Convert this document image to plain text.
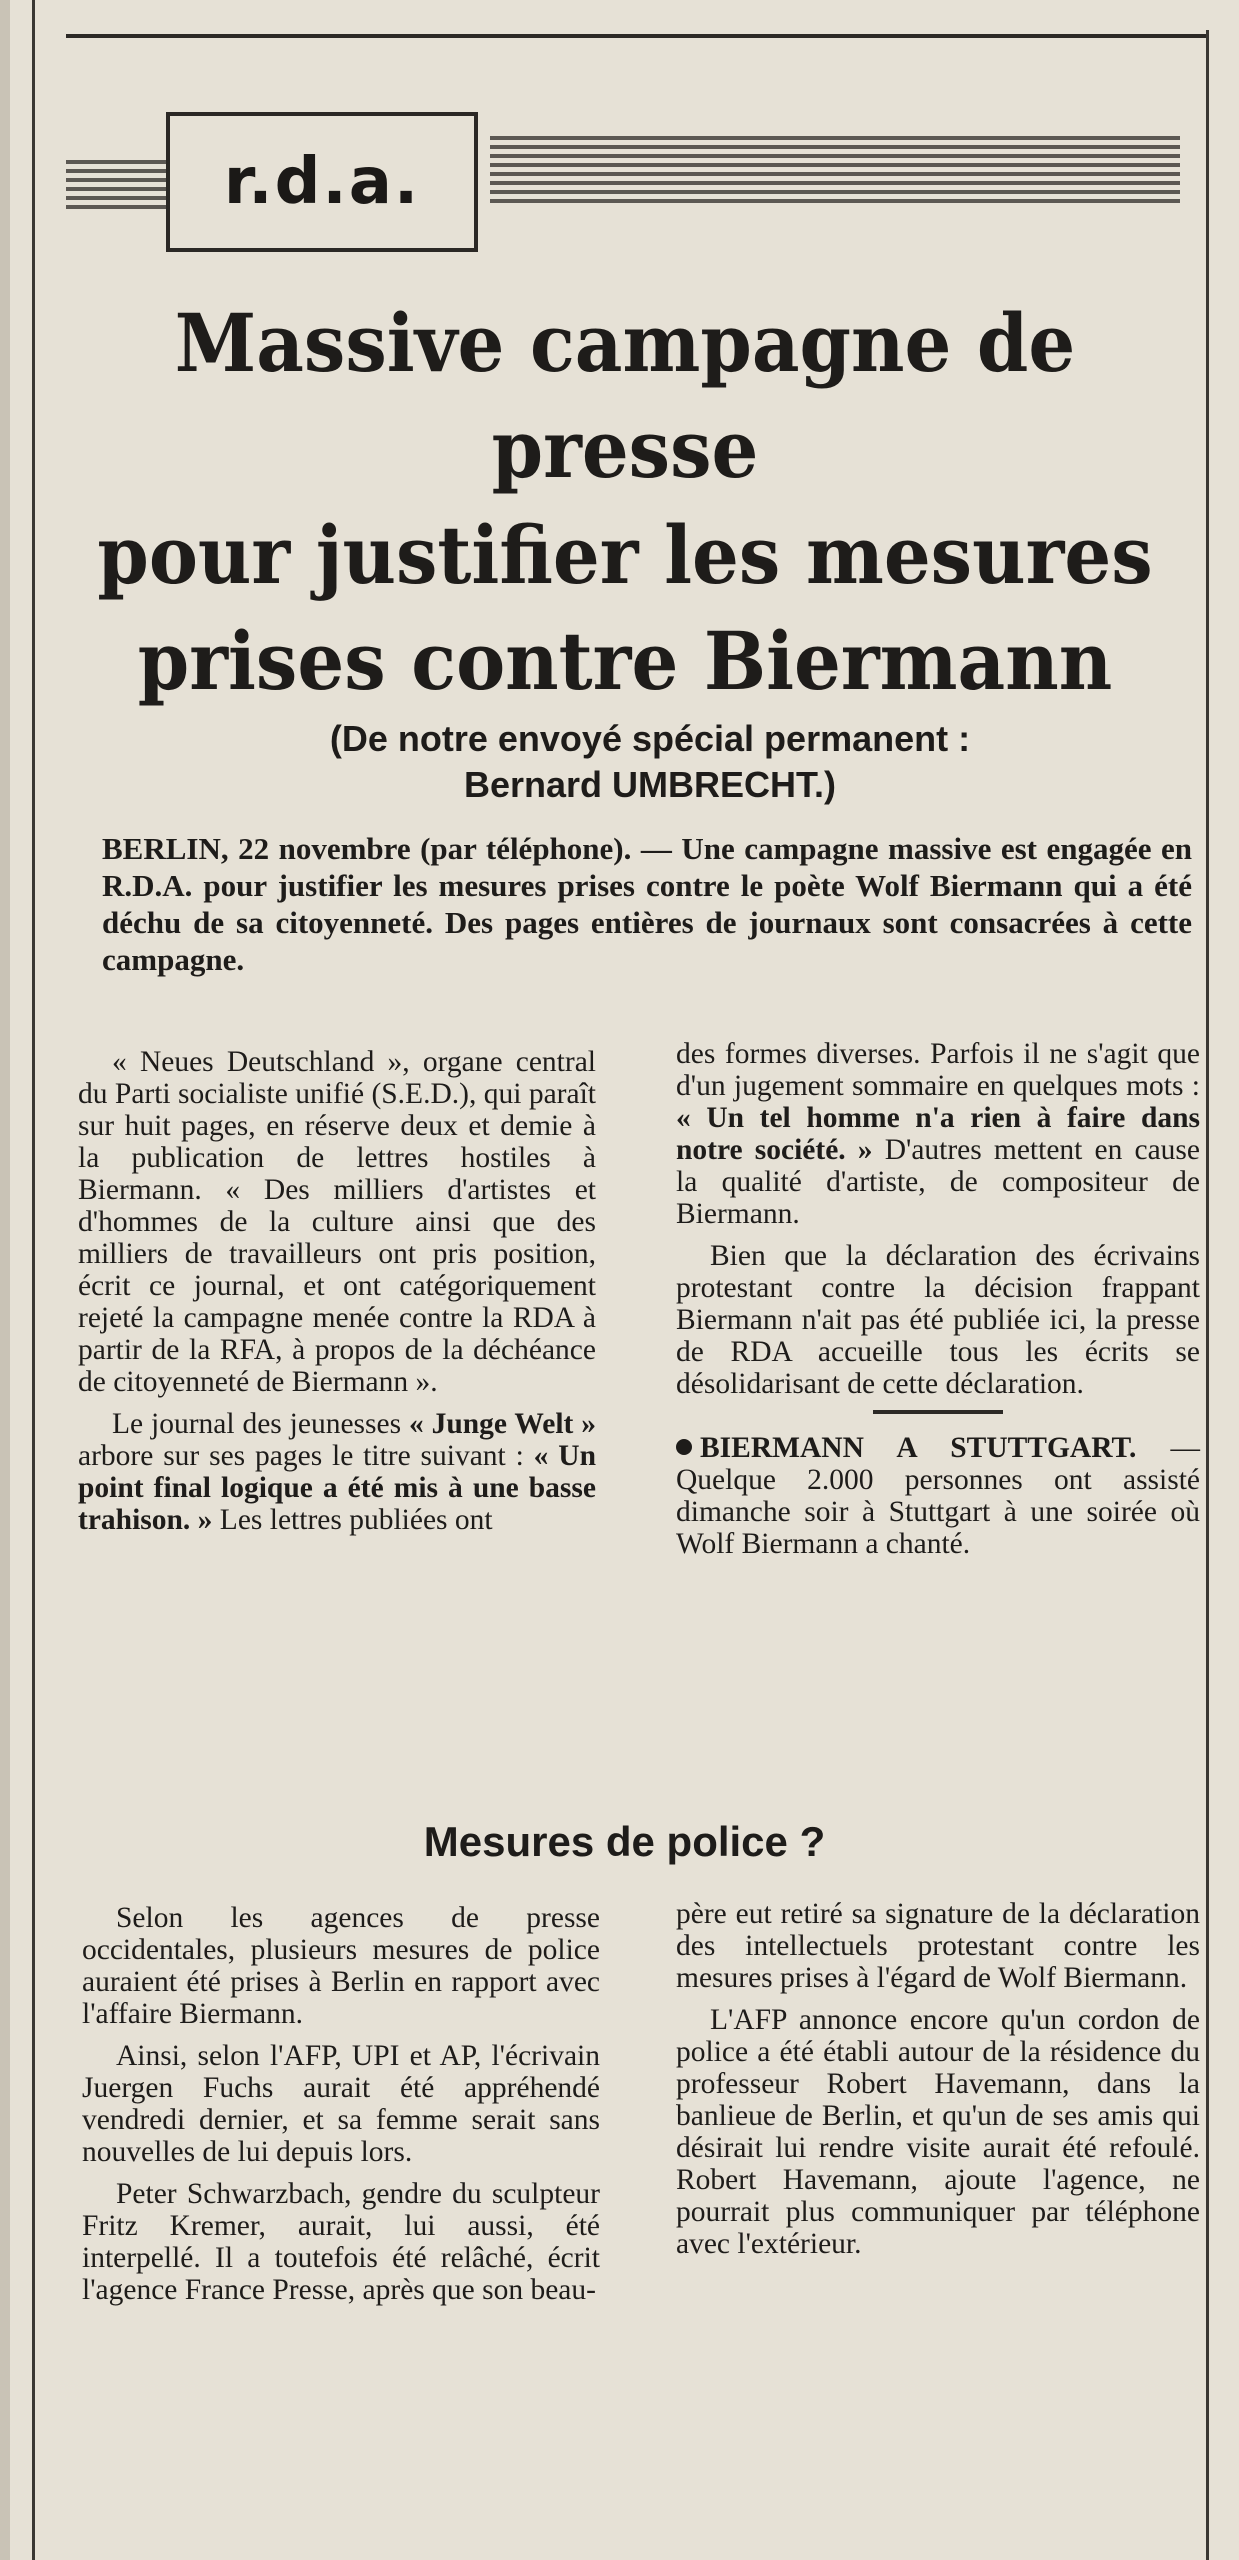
r.d.a.
Massive campagne de presse
pour justifier les mesures
prises contre Biermann
(De notre envoyé spécial permanent :
Bernard UMBRECHT.)
BERLIN, 22 novembre (par téléphone). — Une campagne massive est engagée en R.D.A. pour justifier les mesures prises contre le poète Wolf Biermann qui a été déchu de sa citoyenneté. Des pages entières de journaux sont consacrées à cette campagne.

« Neues Deutschland », organe central du Parti socialiste unifié (S.E.D.), qui paraît sur huit pages, en réserve deux et demie à la publication de lettres hostiles à Biermann. « Des milliers d'artistes et d'hommes de la culture ainsi que des milliers de travailleurs ont pris position, écrit ce journal, et ont catégoriquement rejeté la campagne menée contre la RDA à partir de la RFA, à propos de la déchéance de citoyenneté de Biermann ».

Le journal des jeunesses « Junge Welt » arbore sur ses pages le titre suivant : « Un point final logique a été mis à une basse trahison. » Les lettres publiées ont

des formes diverses. Parfois il ne s'agit que d'un jugement sommaire en quelques mots : « Un tel homme n'a rien à faire dans notre société. » D'autres mettent en cause la qualité d'artiste, de compositeur de Biermann.

Bien que la déclaration des écrivains protestant contre la décision frappant Biermann n'ait pas été publiée ici, la presse de RDA accueille tous les écrits se désolidarisant de cette déclaration.

BIERMANN A STUTTGART. — Quelque 2.000 personnes ont assisté dimanche soir à Stuttgart à une soirée où Wolf Biermann a chanté.

Mesures de police ?

Selon les agences de presse occidentales, plusieurs mesures de police auraient été prises à Berlin en rapport avec l'affaire Biermann.

Ainsi, selon l'AFP, UPI et AP, l'écrivain Juergen Fuchs aurait été appréhendé vendredi dernier, et sa femme serait sans nouvelles de lui depuis lors.

Peter Schwarzbach, gendre du sculpteur Fritz Kremer, aurait, lui aussi, été interpellé. Il a toutefois été relâché, écrit l'agence France Presse, après que son beau-

père eut retiré sa signature de la déclaration des intellectuels protestant contre les mesures prises à l'égard de Wolf Biermann.

L'AFP annonce encore qu'un cordon de police a été établi autour de la résidence du professeur Robert Havemann, dans la banlieue de Berlin, et qu'un de ses amis qui désirait lui rendre visite aurait été refoulé. Robert Havemann, ajoute l'agence, ne pourrait plus communiquer par téléphone avec l'extérieur.
